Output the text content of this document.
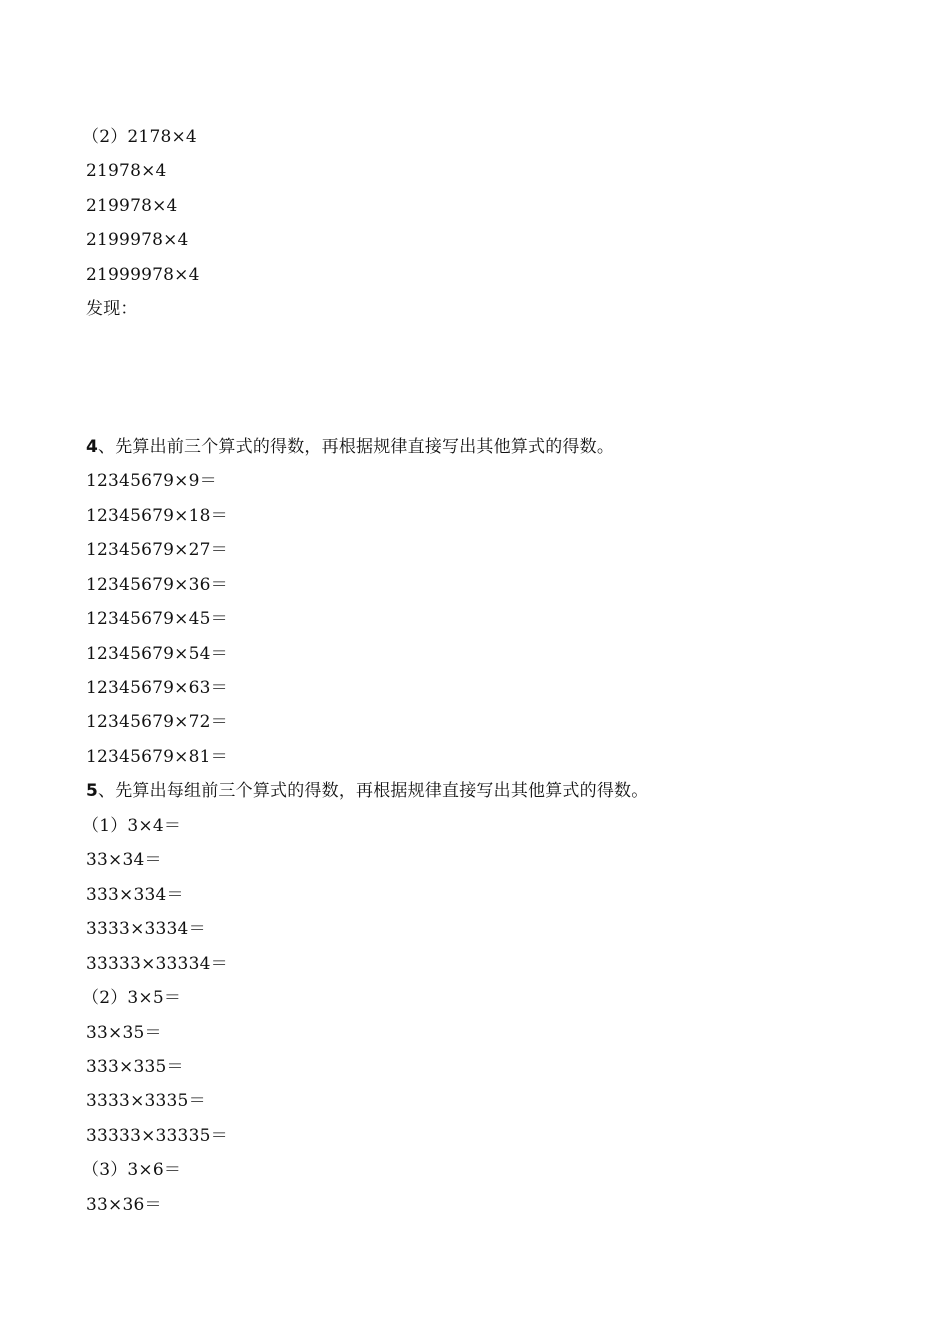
（2）2178×4
21978×4
219978×4
2199978×4
21999978×4
发现：
4、先算出前三个算式的得数，再根据规律直接写出其他算式的得数。
12345679×9＝
12345679×18＝
12345679×27＝
12345679×36＝
12345679×45＝
12345679×54＝
12345679×63＝
12345679×72＝
12345679×81＝
5、先算出每组前三个算式的得数，再根据规律直接写出其他算式的得数。
（1）3×4＝
33×34＝
333×334＝
3333×3334＝
33333×33334＝
（2）3×5＝
33×35＝
333×335＝
3333×3335＝
33333×33335＝
（3）3×6＝
33×36＝
